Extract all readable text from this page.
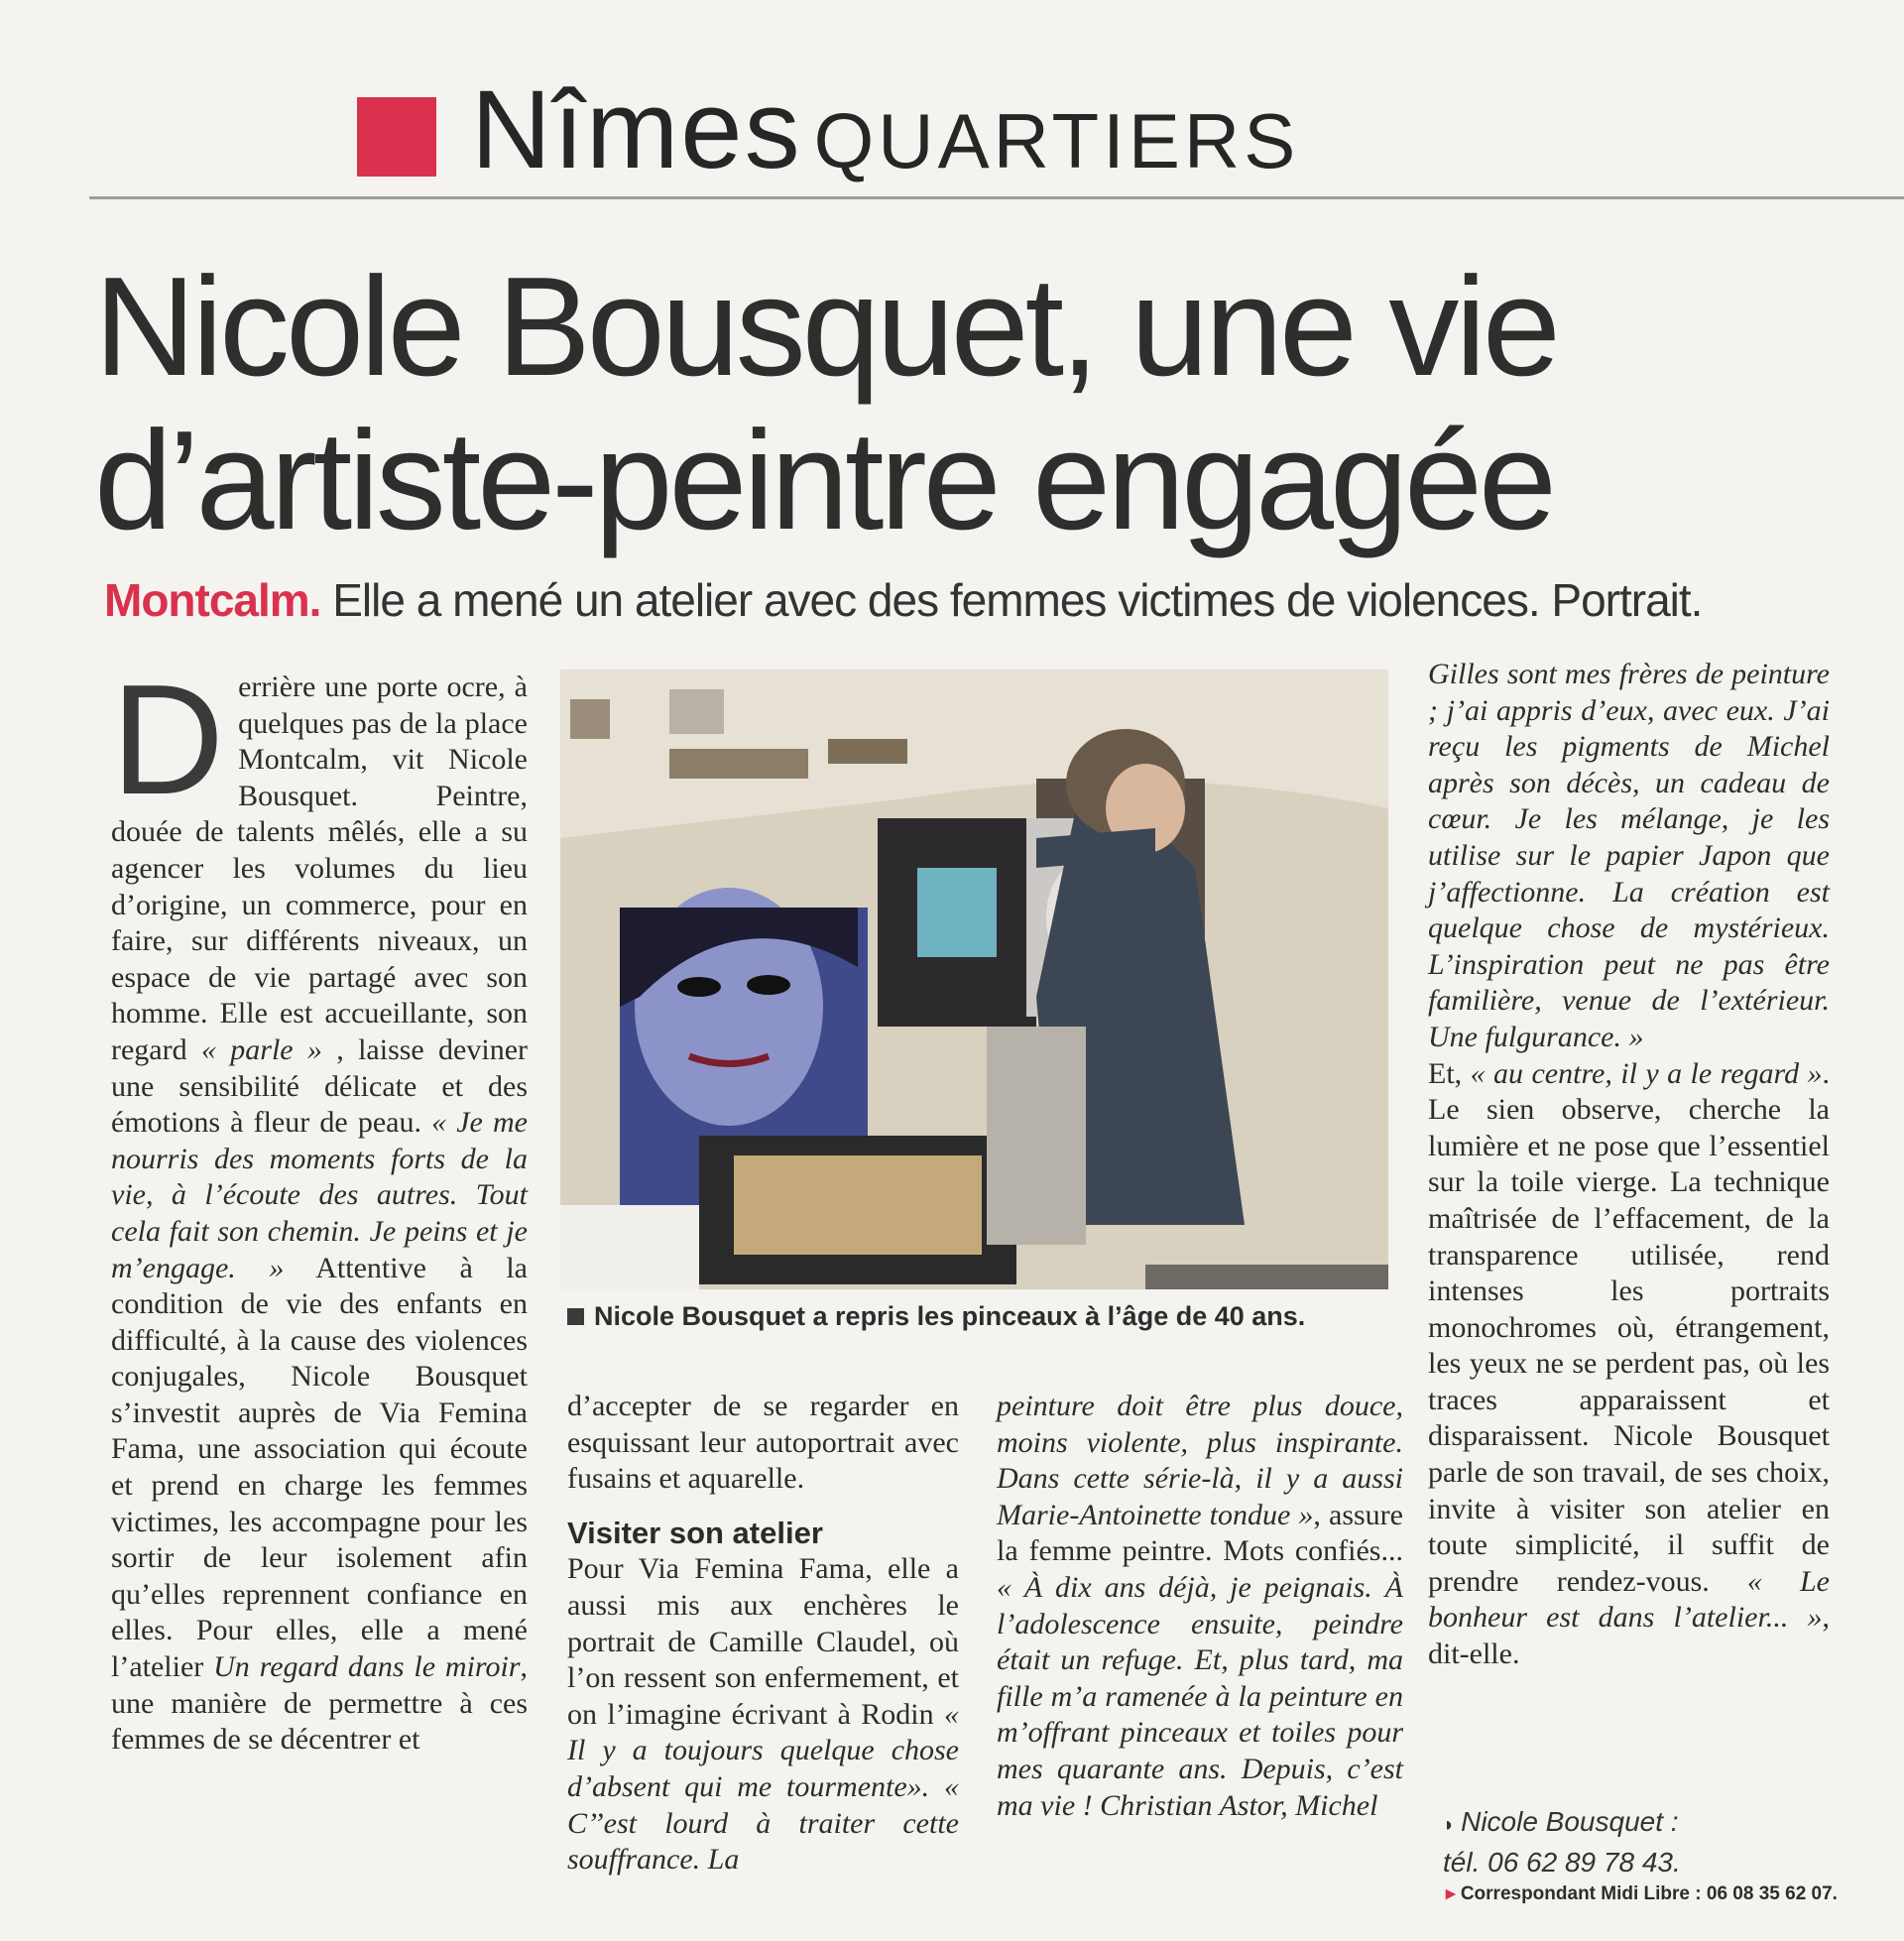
Nîmes QUARTIERS
Nicole Bousquet, une vie
d’artiste-peintre engagée
Montcalm. Elle a mené un atelier avec des femmes victimes de violences. Portrait.

D errière une porte ocre, à quelques pas de la place Montcalm, vit Nicole Bousquet. Peintre, douée de talents mêlés, elle a su agencer les volumes du lieu d’origine, un commerce, pour en faire, sur différents niveaux, un espace de vie partagé avec son homme. Elle est accueillante, son regard « parle » , laisse deviner une sensibilité délicate et des émotions à fleur de peau. « Je me nourris des moments forts de la vie, à l’écoute des autres. Tout cela fait son chemin. Je peins et je m’engage. » Attentive à la condition de vie des enfants en difficulté, à la cause des violences conjugales, Nicole Bousquet s’investit auprès de Via Femina Fama, une association qui écoute et prend en charge les femmes victimes, les accompagne pour les sortir de leur isolement afin qu’elles reprennent confiance en elles. Pour elles, elle a mené l’atelier Un regard dans le miroir, une manière de permettre à ces femmes de se décentrer et

Nicole Bousquet a repris les pinceaux à l’âge de 40 ans.

d’accepter de se regarder en esquissant leur autoportrait avec fusains et aquarelle.

Visiter son atelier

Pour Via Femina Fama, elle a aussi mis aux enchères le portrait de Camille Claudel, où l’on ressent son enfermement, et on l’imagine écrivant à Rodin « Il y a toujours quelque chose d’absent qui me tourmente». « C’’est lourd à traiter cette souffrance. La

peinture doit être plus douce, moins violente, plus inspirante. Dans cette série-là, il y a aussi Marie-Antoinette tondue », assure la femme peintre. Mots confiés... « À dix ans déjà, je peignais. À l’adolescence ensuite, peindre était un refuge. Et, plus tard, ma fille m’a ramenée à la peinture en m’offrant pinceaux et toiles pour mes quarante ans. Depuis, c’est ma vie ! Christian Astor, Michel

Gilles sont mes frères de peinture ; j’ai appris d’eux, avec eux. J’ai reçu les pigments de Michel après son décès, un cadeau de cœur. Je les mélange, je les utilise sur le papier Japon que j’affectionne. La création est quelque chose de mystérieux. L’inspiration peut ne pas être familière, venue de l’extérieur. Une fulgurance. »

Et, « au centre, il y a le regard ». Le sien observe, cherche la lumière et ne pose que l’essentiel sur la toile vierge. La technique maîtrisée de l’effacement, de la transparence utilisée, rend intenses les portraits monochromes où, étrangement, les yeux ne se perdent pas, où les traces apparaissent et disparaissent. Nicole Bousquet parle de son travail, de ses choix, invite à visiter son atelier en toute simplicité, il suffit de prendre rendez-vous. « Le bonheur est dans l’atelier... », dit-elle.

◗ Nicole Bousquet :
tél. 06 62 89 78 43.
▸ Correspondant Midi Libre : 06 08 35 62 07.
